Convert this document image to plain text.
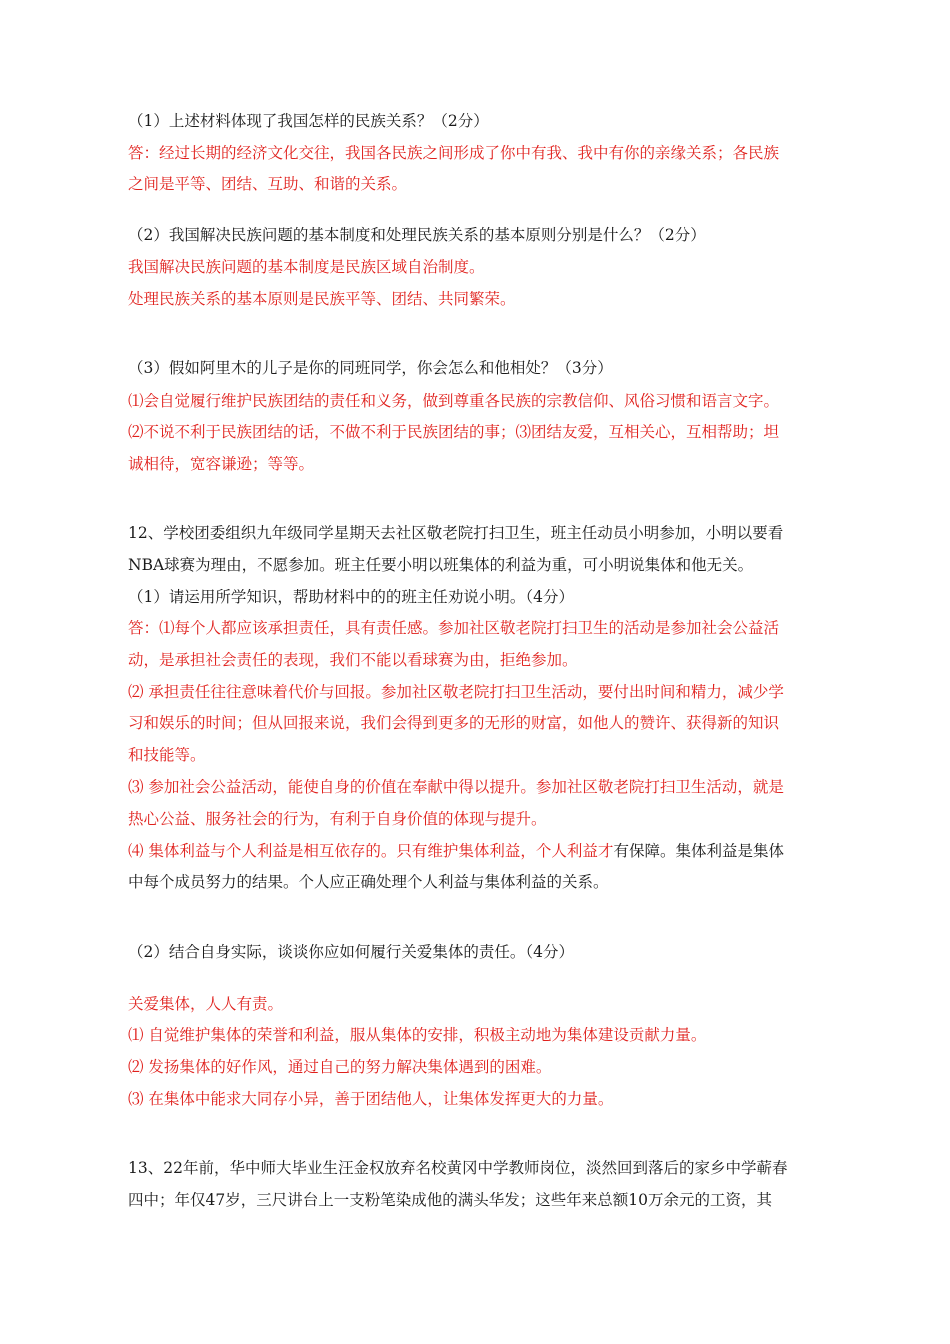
（1）上述材料体现了我国怎样的民族关系？（2分）
答：经过长期的经济文化交往，我国各民族之间形成了你中有我、我中有你的亲缘关系；各民族
之间是平等、团结、互助、和谐的关系。
（2）我国解决民族问题的基本制度和处理民族关系的基本原则分别是什么？（2分）
我国解决民族问题的基本制度是民族区域自治制度。
处理民族关系的基本原则是民族平等、团结、共同繁荣。
（3）假如阿里木的儿子是你的同班同学，你会怎么和他相处？（3分）
⑴会自觉履行维护民族团结的责任和义务，做到尊重各民族的宗教信仰、风俗习惯和语言文字。
⑵不说不利于民族团结的话，不做不利于民族团结的事；⑶团结友爱，互相关心，互相帮助；坦
诚相待，宽容谦逊；等等。
12、学校团委组织九年级同学星期天去社区敬老院打扫卫生，班主任动员小明参加，小明以要看
NBA球赛为理由，不愿参加。班主任要小明以班集体的利益为重，可小明说集体和他无关。
（1）请运用所学知识，帮助材料中的的班主任劝说小明。（4分）
答：⑴每个人都应该承担责任，具有责任感。参加社区敬老院打扫卫生的活动是参加社会公益活
动，是承担社会责任的表现，我们不能以看球赛为由，拒绝参加。
⑵ 承担责任往往意味着代价与回报。参加社区敬老院打扫卫生活动，要付出时间和精力，减少学
习和娱乐的时间；但从回报来说，我们会得到更多的无形的财富，如他人的赞许、获得新的知识
和技能等。
⑶ 参加社会公益活动，能使自身的价值在奉献中得以提升。参加社区敬老院打扫卫生活动，就是
热心公益、服务社会的行为，有利于自身价值的体现与提升。
⑷ 集体利益与个人利益是相互依存的。只有维护集体利益，个人利益才有保障。集体利益是集体
中每个成员努力的结果。个人应正确处理个人利益与集体利益的关系。
（2）结合自身实际，谈谈你应如何履行关爱集体的责任。（4分）
关爱集体，人人有责。
⑴ 自觉维护集体的荣誉和利益，服从集体的安排，积极主动地为集体建设贡献力量。
⑵ 发扬集体的好作风，通过自己的努力解决集体遇到的困难。
⑶ 在集体中能求大同存小异，善于团结他人，让集体发挥更大的力量。
13、22年前，华中师大毕业生汪金权放弃名校黄冈中学教师岗位，淡然回到落后的家乡中学蕲春
四中；年仅47岁，三尺讲台上一支粉笔染成他的满头华发；这些年来总额10万余元的工资，其
